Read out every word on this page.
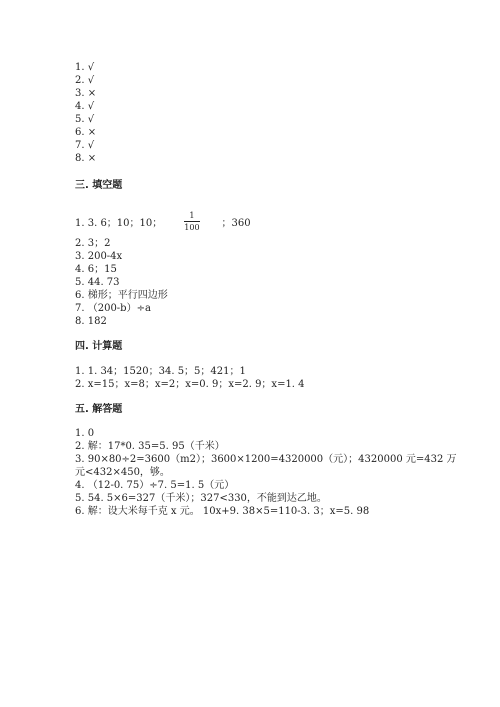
1. √
2. √
3. ×
4. √
5. √
6. ×
7. √
8. ×
三. 填空题
1. 3. 6；10；10；	$\frac{1}{100}$ ；360
2. 3；2
3. 200-4x
4. 6；15
5. 44. 73
6. 梯形；平行四边形
7. （200-b）÷a
8. 182
四. 计算题
1. 1. 34；1520；34. 5；5；421；1
2. x=15；x=8；x=2；x=0. 9；x=2. 9；x=1. 4
五. 解答题
1. 0
2. 解：17*0. 35=5. 95（千米）
3. 90×80÷2=3600（m2）；3600×1200=4320000（元）；4320000 元=432 万
元<432×450，够。
4. （12-0. 75）÷7. 5=1. 5（元）
5. 54. 5×6=327（千米）；327<330，不能到达乙地。
6. 解：设大米每千克 x 元。 10x+9. 38×5=110-3. 3；x=5. 98
